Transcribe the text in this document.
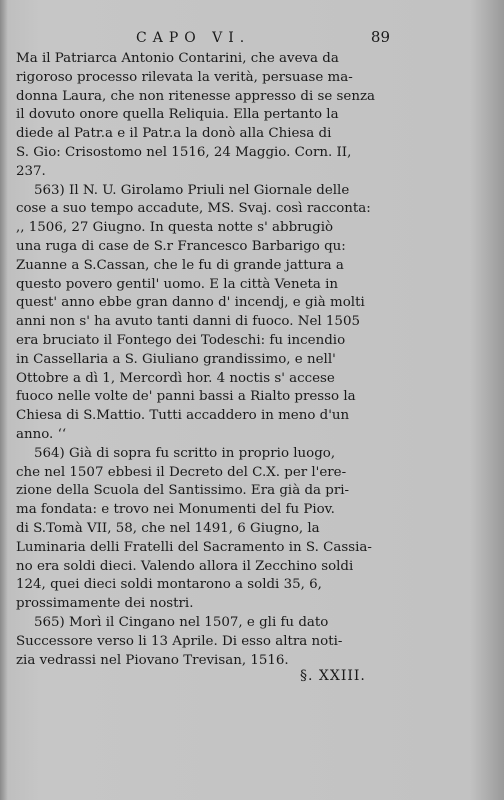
CAPO VI.	89
Ma il Patriarca Antonio Contarini, che aveva da
rigoroso processo rilevata la verità, persuase ma-
donna Laura, che non ritenesse appresso di se senza
il dovuto onore quella Reliquia. Ella pertanto la
diede al Patr.a e il Patr.a la donò alla Chiesa di
S. Gio: Crisostomo nel 1516, 24 Maggio. Corn. II,
237.
563) Il N. U. Girolamo Priuli nel Giornale delle
cose a suo tempo accadute, MS. Svaj. così racconta:
,, 1506, 27 Giugno. In questa notte s' abbrugiò
una ruga di case de S.r Francesco Barbarigo qu:
Zuanne a S.Cassan, che le fu di grande jattura a
questo povero gentil' uomo. E la città Veneta in
quest' anno ebbe gran danno d' incendj, e già molti
anni non s' ha avuto tanti danni di fuoco. Nel 1505
era bruciato il Fontego dei Todeschi: fu incendio
in Cassellaria a S. Giuliano grandissimo, e nell'
Ottobre a dì 1, Mercordì hor. 4 noctis s' accese
fuoco nelle volte de' panni bassi a Rialto presso la
Chiesa di S.Mattio. Tutti accaddero in meno d'un
anno. ‘‘
564) Già di sopra fu scritto in proprio luogo,
che nel 1507 ebbesi il Decreto del C.X. per l'ere-
zione della Scuola del Santissimo. Era già da pri-
ma fondata: e trovo nei Monumenti del fu Piov.
di S.Tomà VII, 58, che nel 1491, 6 Giugno, la
Luminaria delli Fratelli del Sacramento in S. Cassia-
no era soldi dieci. Valendo allora il Zecchino soldi
124, quei dieci soldi montarono a soldi 35, 6,
prossimamente dei nostri.
565) Morì il Cingano nel 1507, e gli fu dato
Successore verso li 13 Aprile. Di esso altra noti-
zia vedrassi nel Piovano Trevisan, 1516.
§. XXIII.
